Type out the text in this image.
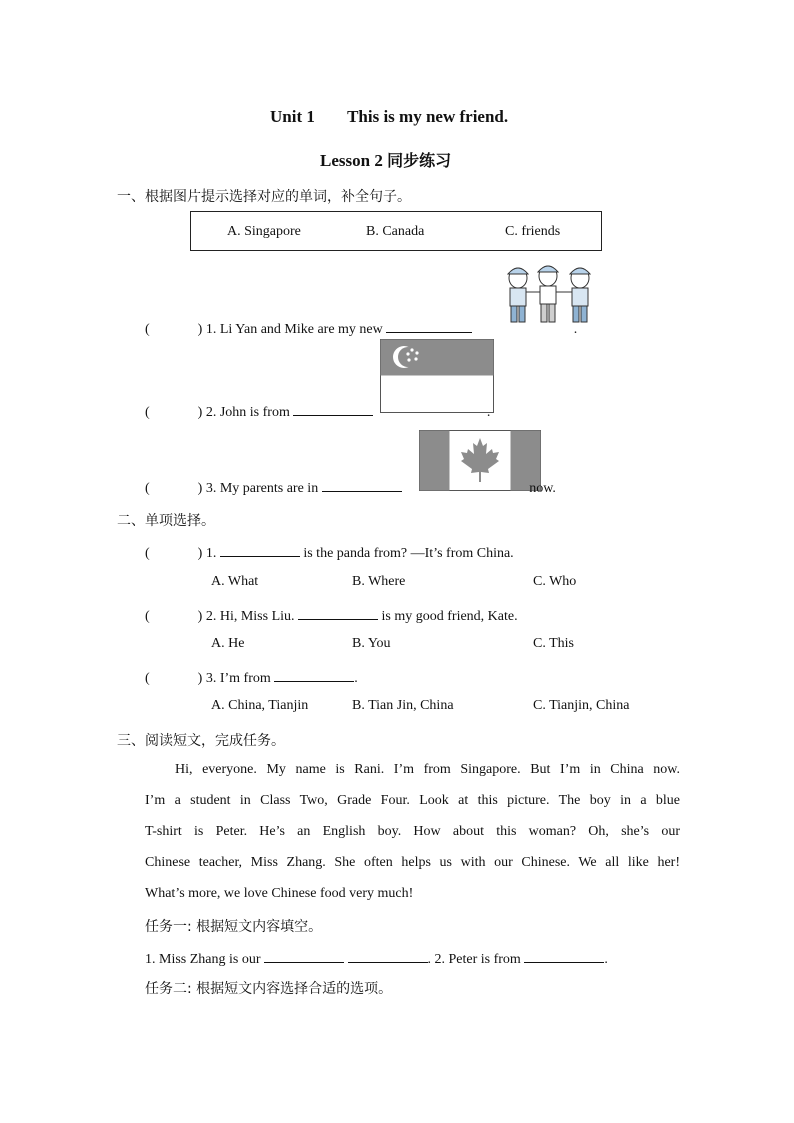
Unit 1 This is my new friend.
Lesson 2 同步练习
一、根据图片提示选择对应的单词，补全句子。
A. Singapore	B. Canada	C. friends
(	) 1. Li Yan and Mike are my new	.
(	) 2. John is from	.
(	) 3. My parents are in	now.
二、单项选择。
(	) 1.	is the panda from? —It’s from China.
A. What	B. Where	C. Who
(	) 2. Hi, Miss Liu.	is my good friend, Kate.
A. He	B. You	C. This
(	) 3. I’m from	.
A. China, Tianjin	B. Tian Jin, China	C. Tianjin, China
三、阅读短文，完成任务。
Hi, everyone. My name is Rani. I’m from Singapore. But I’m in China now.
I’m a student in Class Two, Grade Four. Look at this picture. The boy in a blue
T-shirt is Peter. He’s an English boy. How about this woman? Oh, she’s our
Chinese teacher, Miss Zhang. She often helps us with our Chinese. We all like her!
What’s more, we love Chinese food very much!
任务一: 根据短文内容填空。
1. Miss Zhang is our	. 2. Peter is from	.
任务二: 根据短文内容选择合适的选项。
